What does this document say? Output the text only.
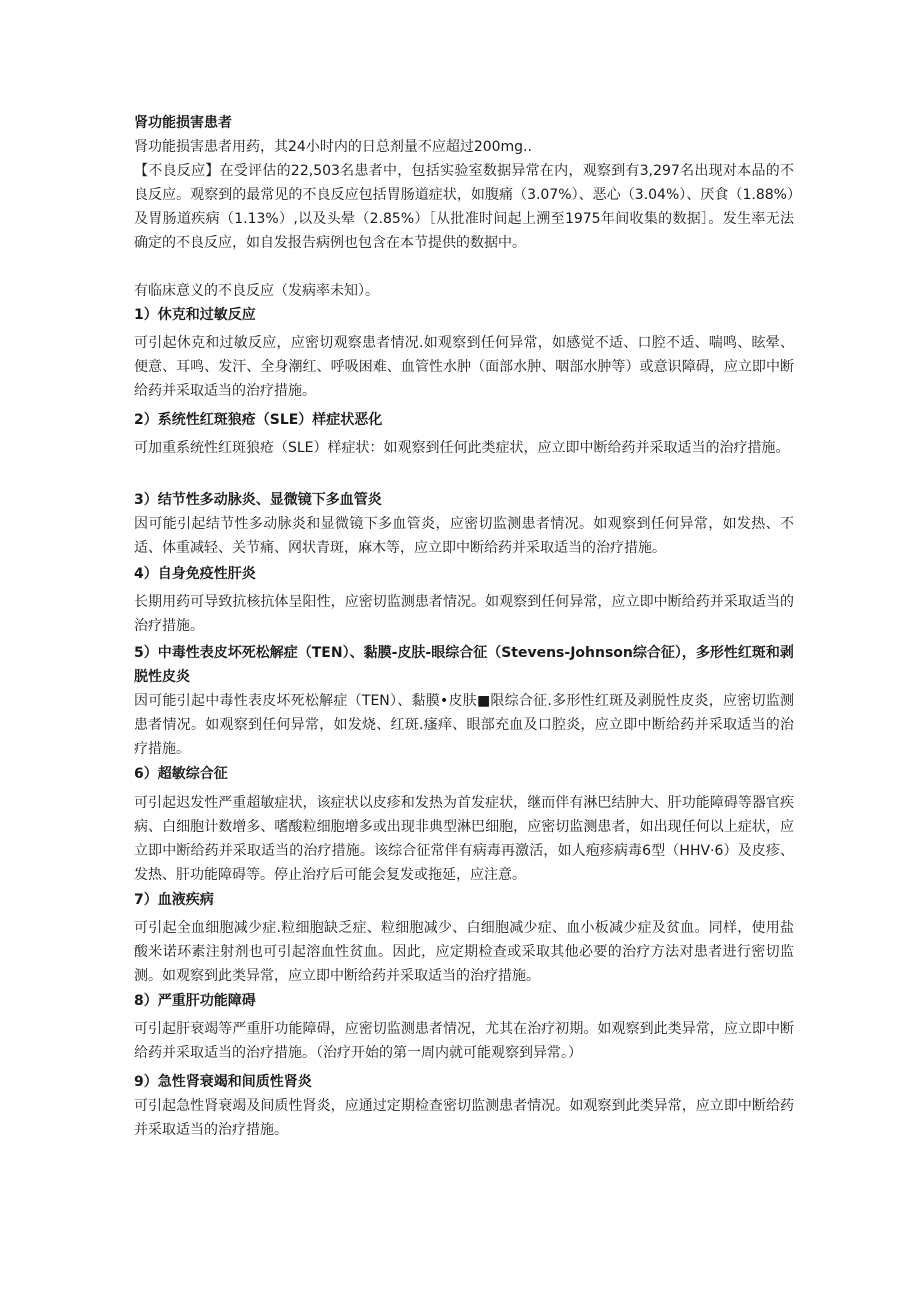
肾功能损害患者
肾功能损害患者用药，其24小时内的日总剂量不应超过200mg..
【不良反应】在受评估的22,503名患者中，包括实验室数据异常在内，观察到有3,297名出现对本品的不良反应。观察到的最常见的不良反应包括胃肠道症状，如腹痛（3.07%）、恶心（3.04%）、厌食（1.88%）及胃肠道疾病（1.13%）,以及头晕（2.85%）［从批准时间起上溯至1975年间收集的数据］。发生率无法确定的不良反应，如自发报告病例也包含在本节提供的数据中。
有临床意义的不良反应（发病率未知）。
1）休克和过敏反应
可引起休克和过敏反应，应密切观察患者情况.如观察到任何异常，如感觉不适、口腔不适、喘鸣、眩晕、便意、耳鸣、发汗、全身潮红、呼吸困难、血管性水肿（面部水肿、咽部水肿等）或意识障碍，应立即中断给药并采取适当的治疗措施。
2）系统性红斑狼疮（SLE）样症状恶化
可加重系统性红斑狼疮（SLE）样症状：如观察到任何此类症状，应立即中断给药并采取适当的治疗措施。
3）结节性多动脉炎、显微镜下多血管炎
因可能引起结节性多动脉炎和显微镜下多血管炎，应密切监测患者情况。如观察到任何异常，如发热、不适、体重减轻、关节痛、网状青斑，麻木等，应立即中断给药并采取适当的治疗措施。
4）自身免疫性肝炎
长期用药可导致抗核抗体呈阳性，应密切监测患者情况。如观察到任何异常，应立即中断给药并采取适当的治疗措施。
5）中毒性表皮坏死松解症（TEN）、黏膜-皮肤-眼综合征（Stevens-Johnson综合征），多形性红斑和剥脱性皮炎
因可能引起中毒性表皮坏死松解症（TEN）、黏膜•皮肤■限综合征.多形性红斑及剥脱性皮炎，应密切监测患者情况。如观察到任何异常，如发烧、红斑.瘙痒、眼部充血及口腔炎，应立即中断给药并采取适当的治疗措施。
6）超敏综合征
可引起迟发性严重超敏症状，该症状以皮疹和发热为首发症状，继而伴有淋巴结肿大、肝功能障碍等器官疾病、白细胞计数增多、嗜酸粒细胞增多或出现非典型淋巴细胞，应密切监测患者，如出现任何以上症状，应立即中断给药并采取适当的治疗措施。该综合征常伴有病毒再激活，如人疱疹病毒6型（HHV·6）及皮疹、发热、肝功能障碍等。停止治疗后可能会复发或拖延，应注意。
7）血液疾病
可引起全血细胞减少症.粒细胞缺乏症、粒细胞减少、白细胞减少症、血小板减少症及贫血。同样，使用盐酸米诺环素注射剂也可引起溶血性贫血。因此，应定期检查或采取其他必要的治疗方法对患者进行密切监测。如观察到此类异常，应立即中断给药并采取适当的治疗措施。
8）严重肝功能障碍
可引起肝衰竭等严重肝功能障碍，应密切监测患者情况，尤其在治疗初期。如观察到此类异常，应立即中断给药并采取适当的治疗措施。（治疗开始的第一周内就可能观察到异常。）
9）急性肾衰竭和间质性肾炎
可引起急性肾衰竭及间质性肾炎，应通过定期检查密切监测患者情况。如观察到此类异常，应立即中断给药并采取适当的治疗措施。
